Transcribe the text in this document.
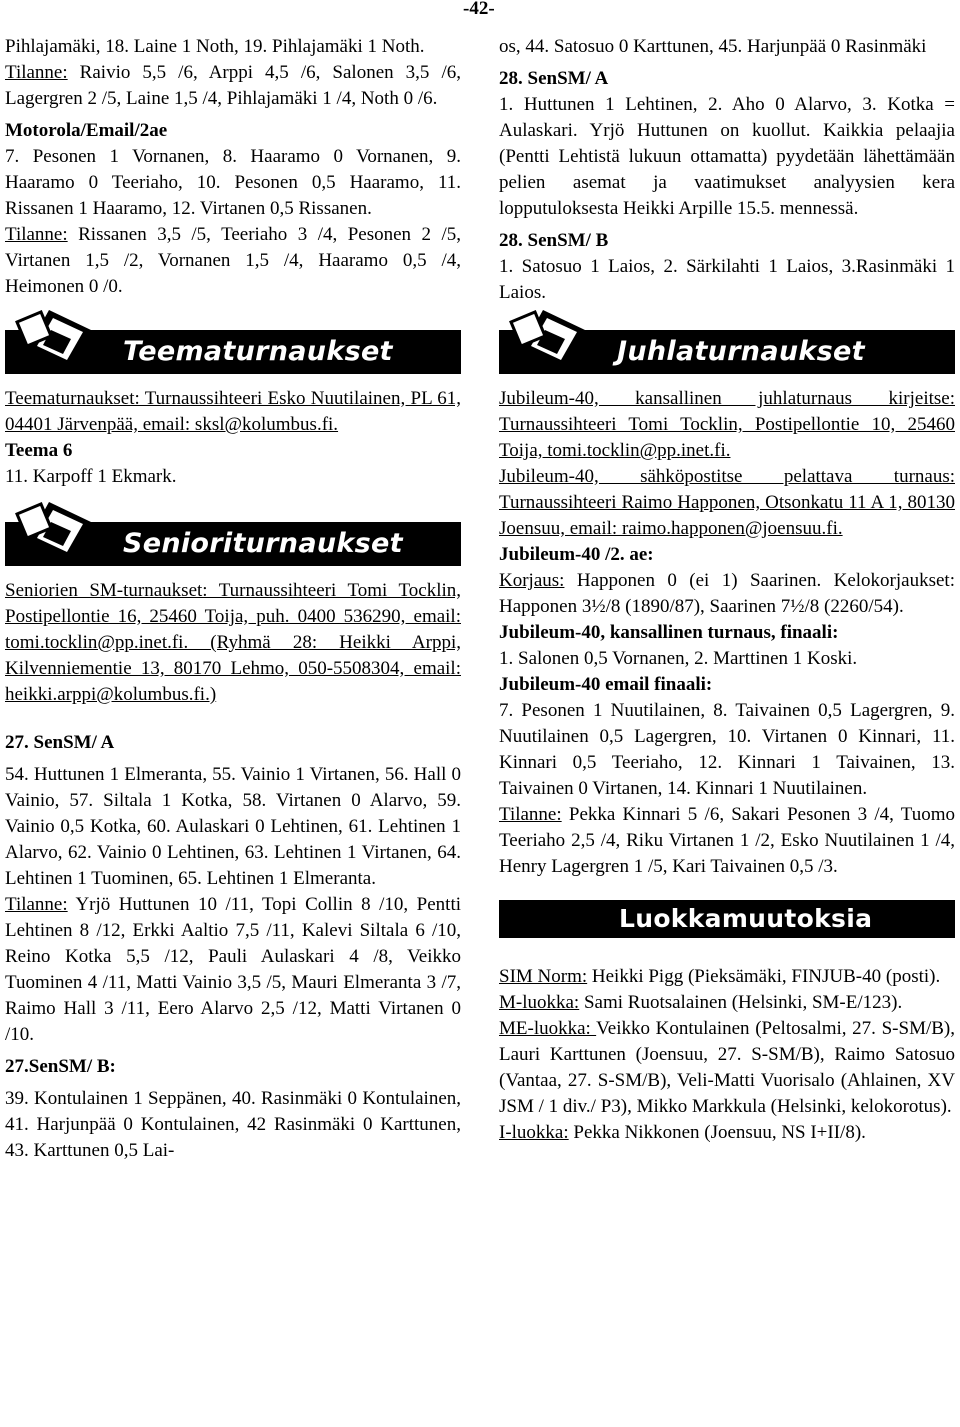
-42-

Pihlajamäki, 18. Laine 1 Noth, 19. Pihlajamäki 1 Noth.

Tilanne: Raivio 5,5 /6, Arppi 4,5 /6, Salonen 3,5 /6, Lagergren 2 /5, Laine 1,5 /4, Pihlajamäki 1 /4, Noth 0 /6.

Motorola/Email/2ae

7. Pesonen 1 Vornanen, 8. Haaramo 0 Vornanen, 9. Haaramo 0 Teeriaho, 10. Pesonen 0,5 Haaramo, 11. Rissanen 1 Haaramo, 12. Virtanen 0,5 Rissanen.

Tilanne: Rissanen 3,5 /5, Teeriaho 3 /4, Pesonen 2 /5, Virtanen 1,5 /2, Vornanen 1,5 /4, Haaramo 0,5 /4, Heimonen 0 /0.

Teematurnaukset

Teematurnaukset: Turnaussihteeri Esko Nuutilainen, PL 61, 04401 Järvenpää, email: sksl@kolumbus.fi.

Teema 6

11. Karpoff 1 Ekmark.

Senioriturnaukset

Seniorien SM-turnaukset: Turnaussihteeri Tomi Tocklin, Postipellontie 16, 25460 Toija, puh. 0400 536290, email: tomi.tocklin@pp.inet.fi. (Ryhmä 28: Heikki Arppi, Kilvenniementie 13, 80170 Lehmo, 050-5508304, email: heikki.arppi@kolumbus.fi.)

27. SenSM/ A

54. Huttunen 1 Elmeranta, 55. Vainio 1 Virtanen, 56. Hall 0 Vainio, 57. Siltala 1 Kotka, 58. Virtanen 0 Alarvo, 59. Vainio 0,5 Kotka, 60. Aulaskari 0 Lehtinen, 61. Lehtinen 1 Alarvo, 62. Vainio 0 Lehtinen, 63. Lehtinen 1 Virtanen, 64. Lehtinen 1 Tuominen, 65. Lehtinen 1 Elmeranta.

Tilanne: Yrjö Huttunen 10 /11, Topi Collin 8 /10, Pentti Lehtinen 8 /12, Erkki Aaltio 7,5 /11, Kalevi Siltala 6 /10, Reino Kotka 5,5 /12, Pauli Aulaskari 4 /8, Veikko Tuominen 4 /11, Matti Vainio 3,5 /5, Mauri Elmeranta 3 /7, Raimo Hall 3 /11, Eero Alarvo 2,5 /12, Matti Virtanen 0 /10.

27.SenSM/ B:

39. Kontulainen 1 Seppänen, 40. Rasinmäki 0 Kontulainen, 41. Harjunpää 0 Kontulainen, 42 Rasinmäki 0 Karttunen, 43. Karttunen 0,5 Lai-

os, 44. Satosuo 0 Karttunen, 45. Harjunpää 0 Rasinmäki

28. SenSM/ A

1. Huttunen 1 Lehtinen, 2. Aho 0 Alarvo, 3. Kotka = Aulaskari. Yrjö Huttunen on kuollut. Kaikkia pelaajia (Pentti Lehtistä lukuun ottamatta) pyydetään lähettämään pelien asemat ja vaatimukset analyysien kera lopputuloksesta Heikki Arpille 15.5. mennessä.

28. SenSM/ B

1. Satosuo 1 Laios, 2. Särkilahti 1 Laios, 3.Rasinmäki 1 Laios.

Juhlaturnaukset

Jubileum-40, kansallinen juhlaturnaus kirjeitse: Turnaussihteeri Tomi Tocklin, Postipellontie 10, 25460 Toija, tomi.tocklin@pp.inet.fi.

Jubileum-40, sähköpostitse pelattava turnaus: Turnaussihteeri Raimo Happonen, Otsonkatu 11 A 1, 80130 Joensuu, email: raimo.happonen@joensuu.fi.

Jubileum-40 /2. ae:

Korjaus: Happonen 0 (ei 1) Saarinen. Kelokorjaukset: Happonen 3½/8 (1890/87), Saarinen 7½/8 (2260/54).

Jubileum-40, kansallinen turnaus, finaali:

1. Salonen 0,5 Vornanen, 2. Marttinen 1 Koski.

Jubileum-40 email finaali:

7. Pesonen 1 Nuutilainen, 8. Taivainen 0,5 Lagergren, 9. Nuutilainen 0,5 Lagergren, 10. Virtanen 0 Kinnari, 11. Kinnari 0,5 Teeriaho, 12. Kinnari 1 Taivainen, 13. Taivainen 0 Virtanen, 14. Kinnari 1 Nuutilainen.

Tilanne: Pekka Kinnari 5 /6, Sakari Pesonen 3 /4, Tuomo Teeriaho 2,5 /4, Riku Virtanen 1 /2, Esko Nuutilainen 1 /4, Henry Lagergren 1 /5, Kari Taivainen 0,5 /3.

Luokkamuutoksia

SIM Norm: Heikki Pigg (Pieksämäki, FINJUB-40 (posti).

M-luokka: Sami Ruotsalainen (Helsinki, SM-E/123).

ME-luokka: Veikko Kontulainen (Peltosalmi, 27. S-SM/B), Lauri Karttunen (Joensuu, 27. S-SM/B), Raimo Satosuo (Vantaa, 27. S-SM/B), Veli-Matti Vuorisalo (Ahlainen, XV JSM / 1 div./ P3), Mikko Markkula (Helsinki, kelokorotus).

I-luokka: Pekka Nikkonen (Joensuu, NS I+II/8).
